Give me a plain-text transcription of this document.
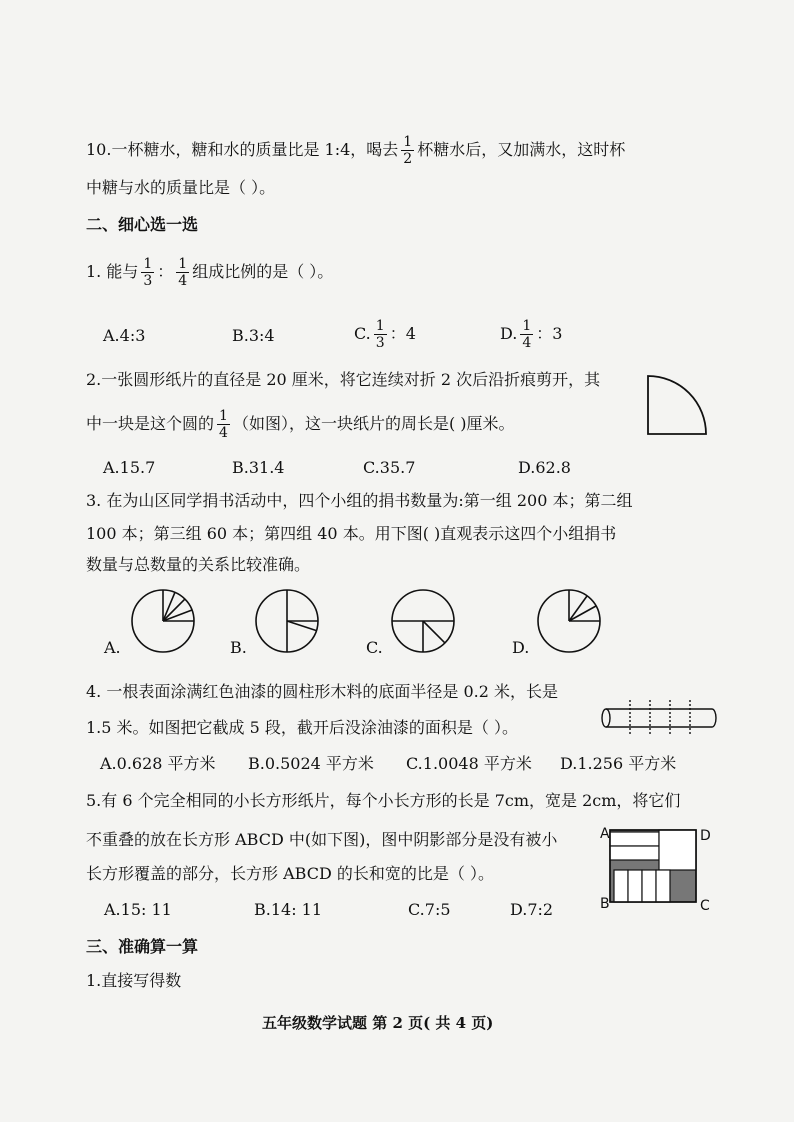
10.一杯糖水，糖和水的质量比是 1:4，喝去 $\frac{1}{2}$ 杯糖水后，又加满水，这时杯
中糖与水的质量比是（ ）。
二、细心选一选
1. 能与 $\frac{1}{3}$ ： $\frac{1}{4}$ 组成比例的是（ ）。
A.4:3	B.3:4	C. $\frac{1}{3}$ ：4	D. $\frac{1}{4}$ ：3
2.一张圆形纸片的直径是 20 厘米，将它连续对折 2 次后沿折痕剪开，其
中一块是这个圆的 $\frac{1}{4}$ （如图），这一块纸片的周长是( )厘米。
A.15.7	B.31.4	C.35.7	D.62.8
3. 在为山区同学捐书活动中，四个小组的捐书数量为:第一组 200 本；第二组
100 本；第三组 60 本；第四组 40 本。用下图( )直观表示这四个小组捐书
数量与总数量的关系比较准确。
A.	B.	C.	D.
4. 一根表面涂满红色油漆的圆柱形木料的底面半径是 0.2 米，长是
1.5 米。如图把它截成 5 段，截开后没涂油漆的面积是（ ）。
A.0.628 平方米 B.0.5024 平方米 C.1.0048 平方米 D.1.256 平方米
5.有 6 个完全相同的小长方形纸片，每个小长方形的长是 7cm，宽是 2cm，将它们
不重叠的放在长方形 ABCD 中(如下图)，图中阴影部分是没有被小
长方形覆盖的部分，长方形 ABCD 的长和宽的比是（ ）。
A	D
B	C
A.15: 11	B.14: 11	C.7:5	D.7:2
三、准确算一算
1.直接写得数
五年级数学试题 第 2 页( 共 4 页)
